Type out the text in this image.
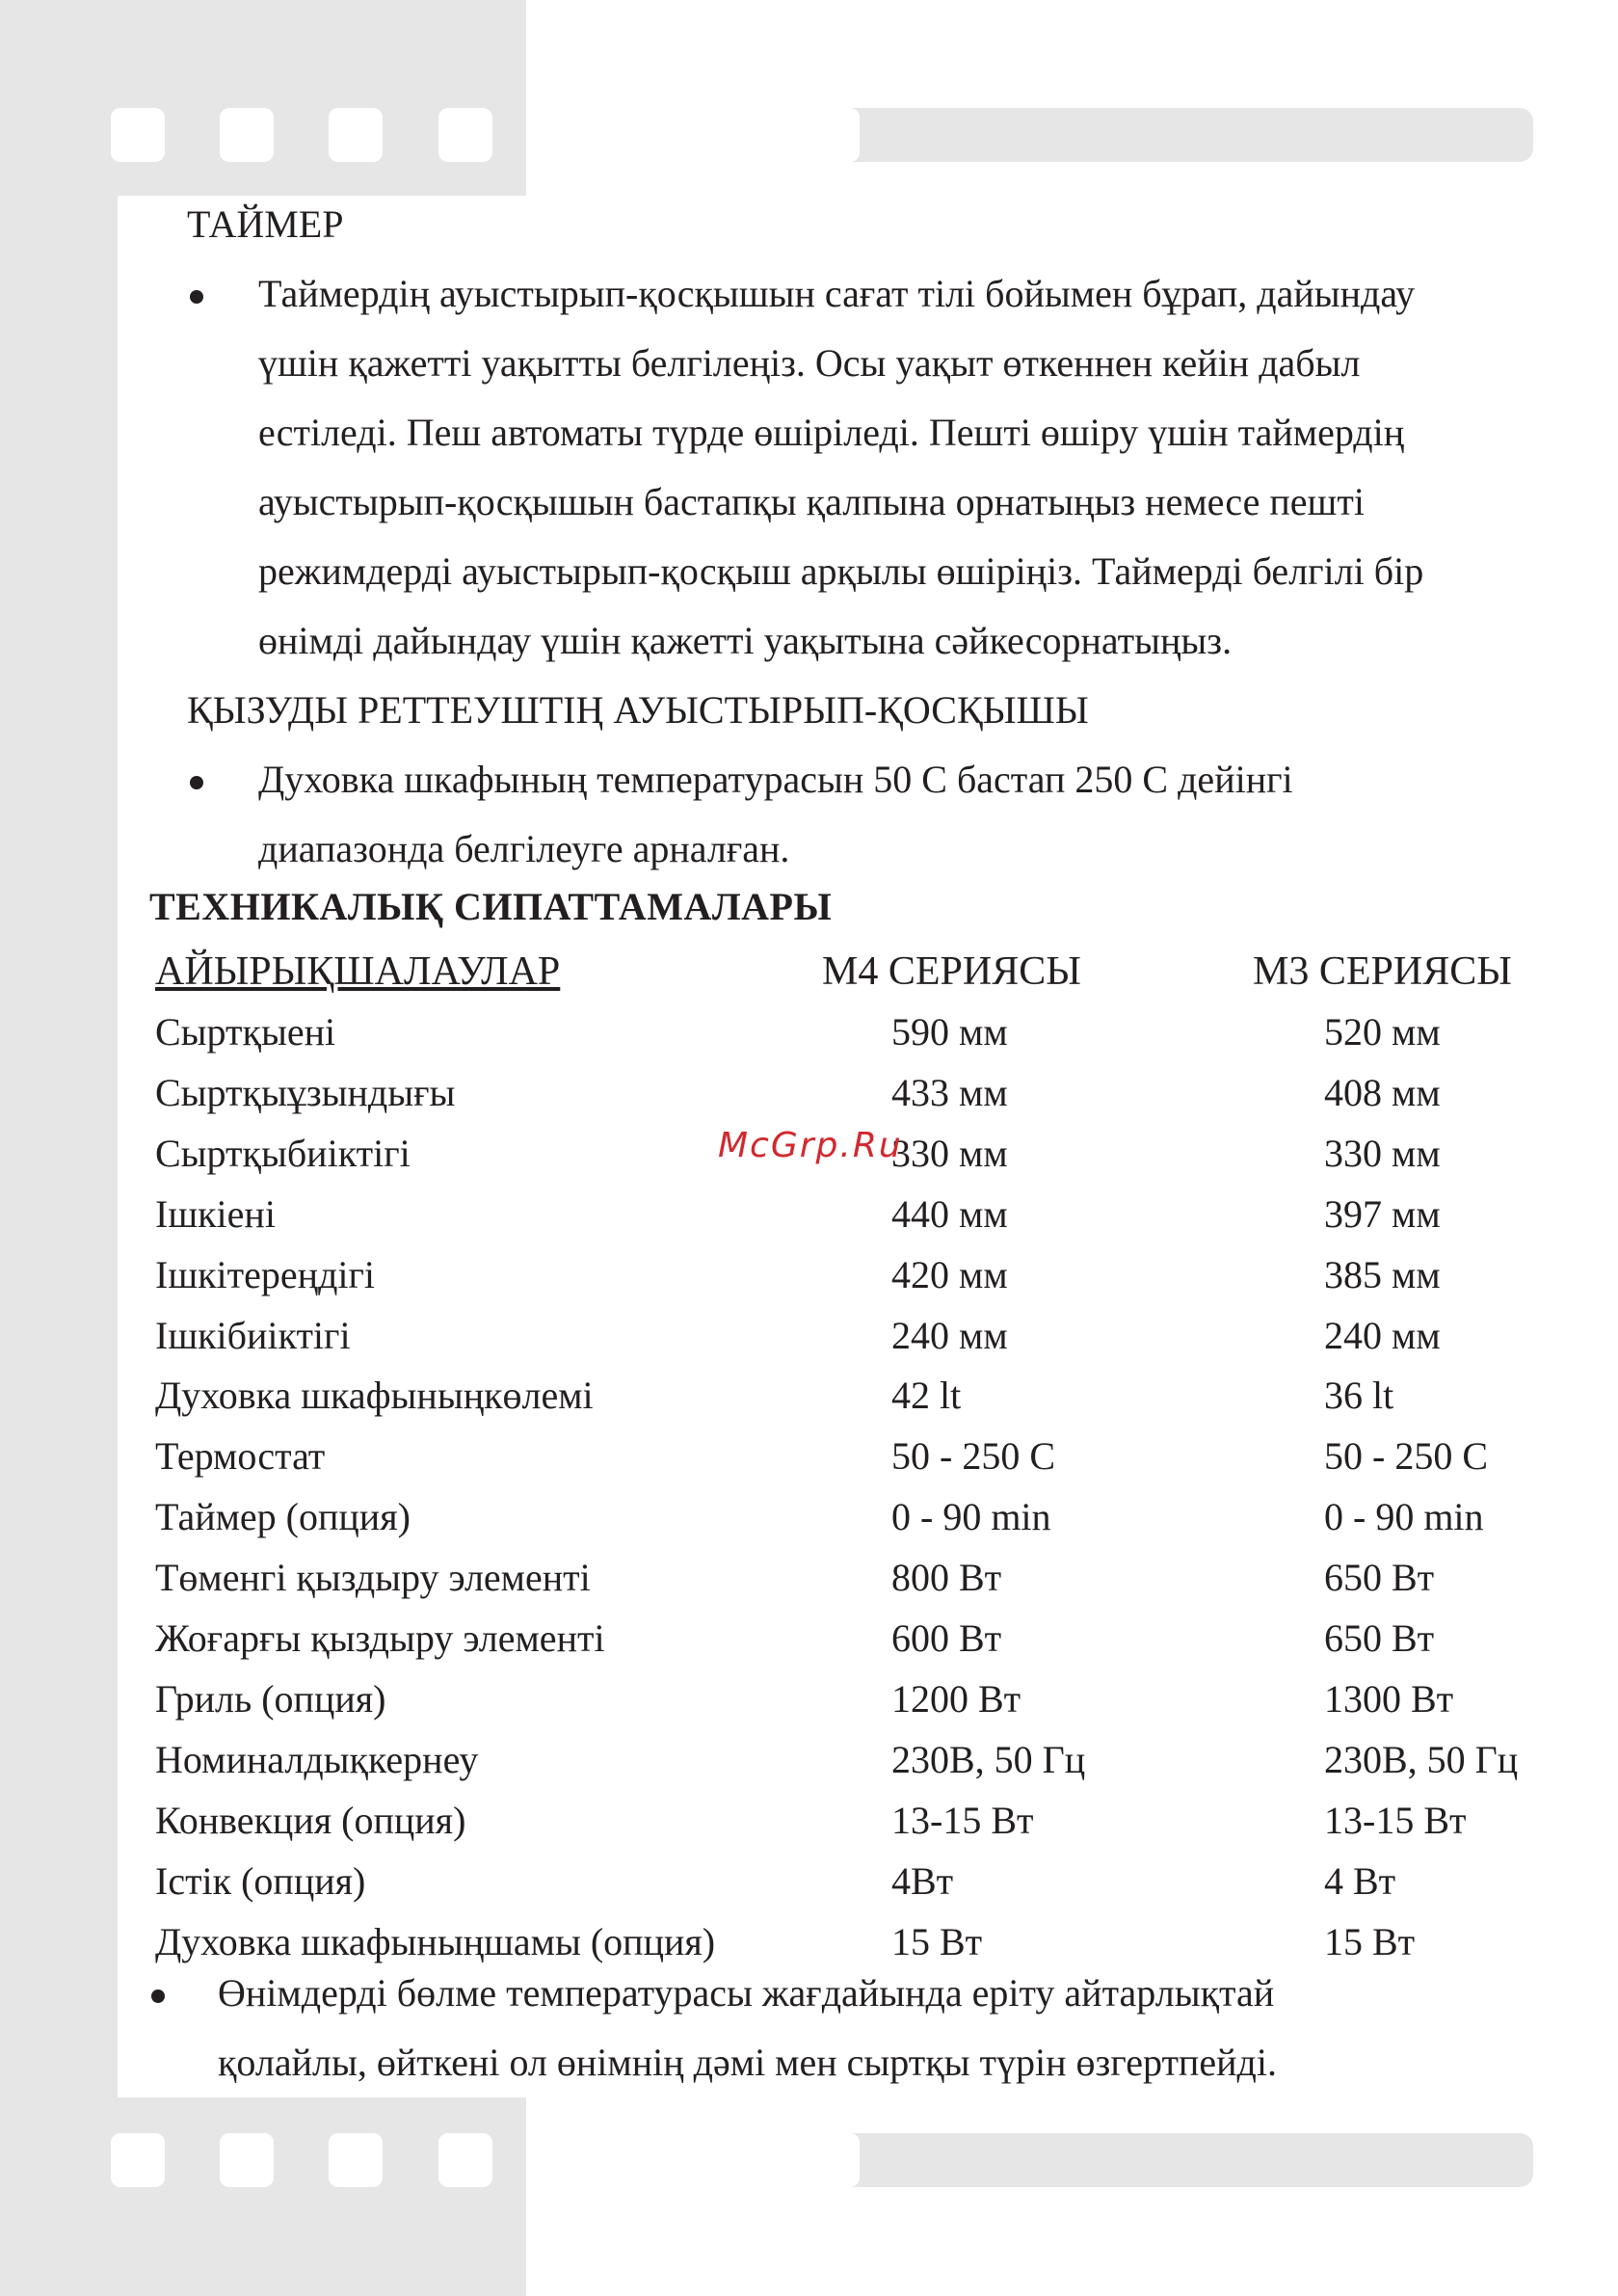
ТАЙМЕР
Таймердің ауыстырып-қосқышын сағат тілі бойымен бұрап, дайындау
үшін қажетті уақытты белгілеңіз. Осы уақыт өткеннен кейін дабыл
естіледі. Пеш автоматы түрде өшіріледі. Пешті өшіру үшін таймердің
ауыстырып-қосқышын бастапқы қалпына орнатыңыз немесе пешті
режимдерді ауыстырып-қосқыш арқылы өшіріңіз. Таймерді белгілі бір
өнімді дайындау үшін қажетті уақытына сәйкесорнатыңыз.
ҚЫЗУДЫ РЕТТЕУШТІҢ АУЫСТЫРЫП-ҚОСҚЫШЫ
Духовка шкафының температурасын 50 С бастап 250 С дейінгі
диапазонда белгілеуге арналған.
ТЕХНИКАЛЫҚ СИПАТТАМАЛАРЫ
АЙЫРЫҚШАЛАУЛАР	М4 СЕРИЯСЫ	М3 СЕРИЯСЫ
Сыртқыені	590 мм	520 мм
Сыртқыұзындығы	433 мм	408 мм
Сыртқыбиіктігі	330 мм	330 мм
Ішкіені	440 мм	397 мм
Ішкітереңдігі	420 мм	385 мм
Ішкібиіктігі	240 мм	240 мм
Духовка шкафыныңкөлемі	42 lt	36 lt
Термостат	50 - 250 С	50 - 250 С
Таймер (опция)	0 - 90 min	0 - 90 min
Төменгі қыздыру элементі	800 Вт	650 Вт
Жоғарғы қыздыру элементі	600 Вт	650 Вт
Гриль (опция)	1200 Вт	1300 Вт
Номиналдықкернеу	230В, 50 Гц	230В, 50 Гц
Конвекция (опция)	13-15 Вт	13-15 Вт
Істік (опция)	4Вт	4 Вт
Духовка шкафыныңшамы (опция)	15 Вт	15 Вт
Өнімдерді бөлме температурасы жағдайында еріту айтарлықтай
қолайлы, өйткені ол өнімнің дәмі мен сыртқы түрін өзгертпейді.
McGrp.Ru
